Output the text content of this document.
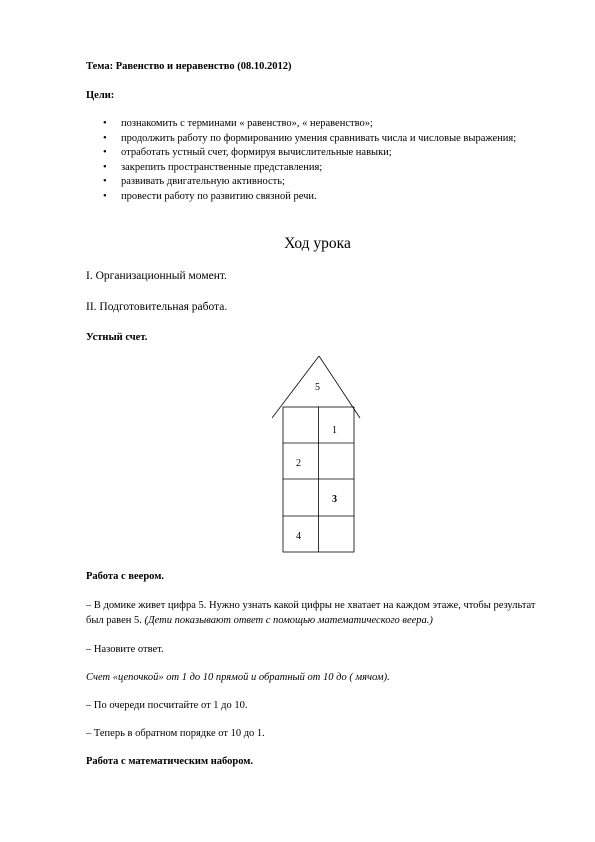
Тема: Равенство и неравенство (08.10.2012)
Цели:
• познакомить с терминами « равенство», « неравенство»;
• продолжить работу по формированию умения сравнивать числа и числовые выражения;
• отработать устный счет, формируя вычислительные навыки;
• закрепить пространственные представления;
• развивать двигательную активность;
• провести работу по развитию связной речи.
Ход урока
I. Организационный момент.
II. Подготовительная работа.
Устный счет.
5
1
2
3
4
Работа с веером.
– В домике живет цифра 5. Нужно узнать какой цифры не хватает на каждом этаже, чтобы результат был равен 5. (Дети показывают ответ с помощью математического веера.)
– Назовите ответ.
Счет «цепочкой» от 1 до 10 прямой и обратный от 10 до ( мячом).
– По очереди посчитайте от 1 до 10.
– Теперь в обратном порядке от 10 до 1.
Работа с математическим набором.
